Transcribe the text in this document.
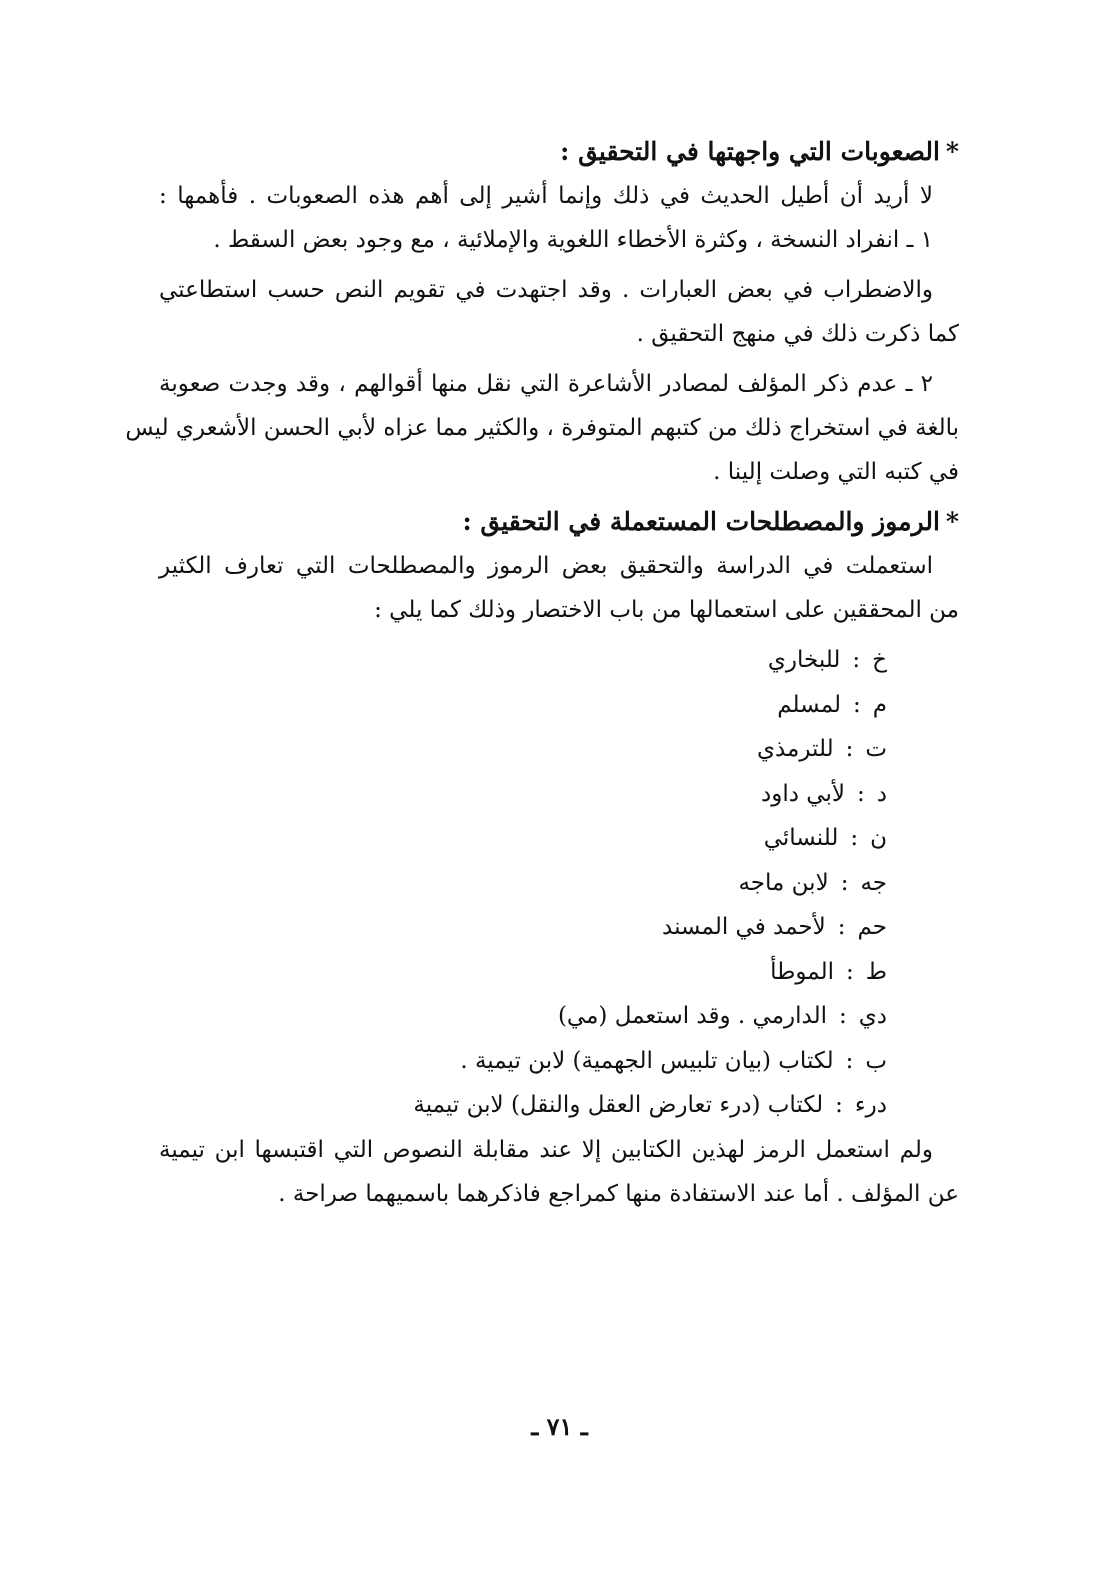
*الصعوبات التي واجهتها في التحقيق :

لا أريد أن أطيل الحديث في ذلك وإنما أشير إلى أهم هذه الصعوبات . فأهمها :

١ ـ انفراد النسخة ، وكثرة الأخطاء اللغوية والإملائية ، مع وجود بعض السقط .

والاضطراب في بعض العبارات . وقد اجتهدت في تقويم النص حسب استطاعتي

كما ذكرت ذلك في منهج التحقيق .

٢ ـ عدم ذكر المؤلف لمصادر الأشاعرة التي نقل منها أقوالهم ، وقد وجدت صعوبة

بالغة في استخراج ذلك من كتبهم المتوفرة ، والكثير مما عزاه لأبي الحسن الأشعري ليس

في كتبه التي وصلت إلينا .

*الرموز والمصطلحات المستعملة في التحقيق :

استعملت في الدراسة والتحقيق بعض الرموز والمصطلحات التي تعارف الكثير

من المحققين على استعمالها من باب الاختصار وذلك كما يلي :

خ:للبخاري
م:لمسلم
ت:للترمذي
د:لأبي داود
ن:للنسائي
جه:لابن ماجه
حم:لأحمد في المسند
ط:الموطأ
دي:الدارمي . وقد استعمل (مي)
ب:لكتاب (بيان تلبيس الجهمية) لابن تيمية .
درء:لكتاب (درء تعارض العقل والنقل) لابن تيمية

ولم استعمل الرمز لهذين الكتابين إلا عند مقابلة النصوص التي اقتبسها ابن تيمية

عن المؤلف . أما عند الاستفادة منها كمراجع فاذكرهما باسميهما صراحة .

ـ ٧١ ـ
